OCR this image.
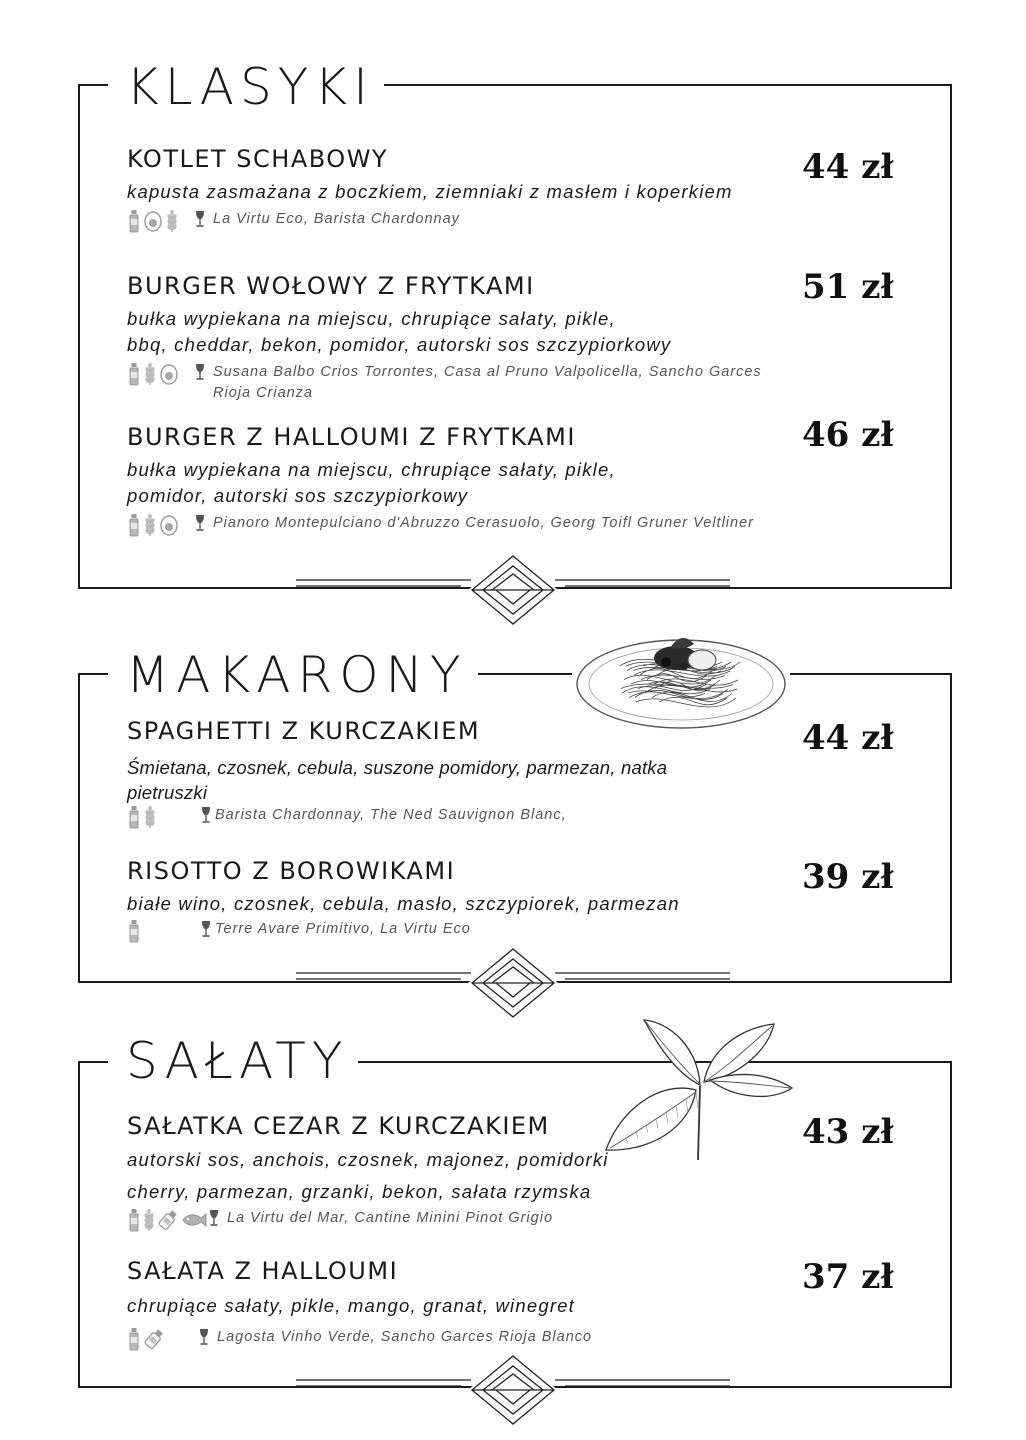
KLASYKI
KOTLET SCHABOWY
kapusta zasmażana z boczkiem, ziemniaki z masłem i koperkiem
La Virtu Eco, Barista Chardonnay
44 zł
BURGER WOŁOWY Z FRYTKAMI
bułka wypiekana na miejscu, chrupiące sałaty, pikle,
bbq, cheddar, bekon, pomidor, autorski sos szczypiorkowy
Susana Balbo Crios Torrontes, Casa al Pruno Valpolicella, Sancho Garces
Rioja Crianza
51 zł
BURGER Z HALLOUMI Z FRYTKAMI
bułka wypiekana na miejscu, chrupiące sałaty, pikle,
pomidor, autorski sos szczypiorkowy
Pianoro Montepulciano d'Abruzzo Cerasuolo, Georg Toifl Gruner Veltliner
46 zł
MAKARONY
SPAGHETTI Z KURCZAKIEM
Śmietana, czosnek, cebula, suszone pomidory, parmezan, natka
pietruszki
Barista Chardonnay, The Ned Sauvignon Blanc,
44 zł
RISOTTO Z BOROWIKAMI
białe wino, czosnek, cebula, masło, szczypiorek, parmezan
Terre Avare Primitivo, La Virtu Eco
39 zł
SAŁATY
SAŁATKA CEZAR Z KURCZAKIEM
autorski sos, anchois, czosnek, majonez, pomidorki
cherry, parmezan, grzanki, bekon, sałata rzymska
La Virtu del Mar, Cantine Minini Pinot Grigio
43 zł
SAŁATA Z HALLOUMI
chrupiące sałaty, pikle, mango, granat, winegret
Lagosta Vinho Verde, Sancho Garces Rioja Blanco
37 zł
